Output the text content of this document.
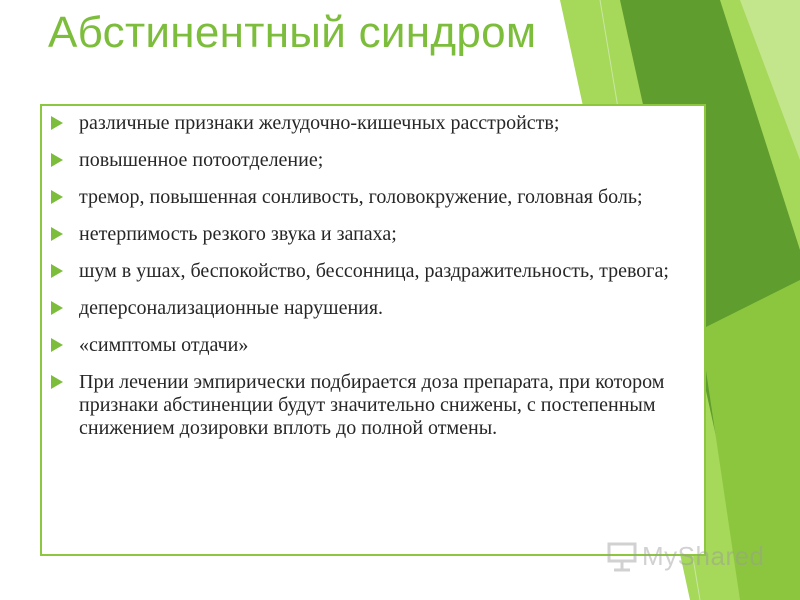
Абстинентный синдром
различные признаки желудочно-кишечных расстройств;
повышенное потоотделение;
тремор, повышенная сонливость, головокружение, головная боль;
нетерпимость резкого звука и запаха;
шум в ушах, беспокойство, бессонница, раздражительность, тревога;
деперсонализационные нарушения.
«симптомы отдачи»
При лечении эмпирически подбирается доза препарата, при котором признаки абстиненции будут значительно снижены, с постепенным снижением дозировки вплоть до полной отмены.
MyShared
